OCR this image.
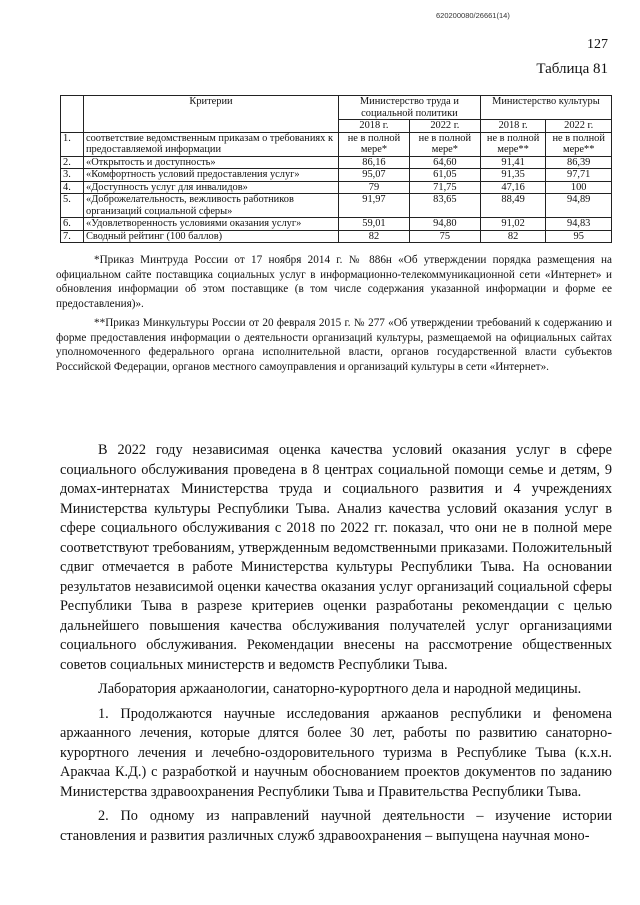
620200080/26661(14)
127
Таблица 81
	Критерии	Министерство труда и социальной политики		Министерство культуры	
		2018 г.	2022 г.	2018 г.	2022 г.
1.	соответствие ведомственным приказам о требованиях к предоставляемой информации	не в полной мере*	не в полной мере*	не в полной мере**	не в полной мере**
2.	«Открытость и доступность»	86,16	64,60	91,41	86,39
3.	«Комфортность условий предоставления услуг»	95,07	61,05	91,35	97,71
4.	«Доступность услуг для инвалидов»	79	71,75	47,16	100
5.	«Доброжелательность, вежливость работников организаций социальной сферы»	91,97	83,65	88,49	94,89
6.	«Удовлетворенность условиями оказания услуг»	59,01	94,80	91,02	94,83
7.	Сводный рейтинг (100 баллов)	82	75	82	95

*Приказ Минтруда России от 17 ноября 2014 г. № 886н «Об утверждении порядка размещения на официальном сайте поставщика социальных услуг в информационно-телекоммуникационной сети «Интернет» и обновления информации об этом поставщике (в том числе содержания указанной информации и форме ее предоставления)».

**Приказ Минкультуры России от 20 февраля 2015 г. № 277 «Об утверждении требований к содержанию и форме предоставления информации о деятельности организаций культуры, размещаемой на официальных сайтах уполномоченного федерального органа исполнительной власти, органов государственной власти субъектов Российской Федерации, органов местного самоуправления и организаций культуры в сети «Интернет».

В 2022 году независимая оценка качества условий оказания услуг в сфере социального обслуживания проведена в 8 центрах социальной помощи семье и детям, 9 домах-интернатах Министерства труда и социального развития и 4 учреждениях Министерства культуры Республики Тыва. Анализ качества условий оказания услуг в сфере социального обслуживания с 2018 по 2022 гг. показал, что они не в полной мере соответствуют требованиям, утвержденным ведомственными приказами. Положительный сдвиг отмечается в работе Министерства культуры Республики Тыва. На основании результатов независимой оценки качества оказания услуг организаций социальной сферы Республики Тыва в разрезе критериев оценки разработаны рекомендации с целью дальнейшего повышения качества обслуживания получателей услуг организациями социального обслуживания. Рекомендации внесены на рассмотрение общественных советов социальных министерств и ведомств Республики Тыва.

Лаборатория аржаанологии, санаторно-курортного дела и народной медицины.

1. Продолжаются научные исследования аржаанов республики и феномена аржаанного лечения, которые длятся более 30 лет, работы по развитию санаторно-курортного лечения и лечебно-оздоровительного туризма в Республике Тыва (к.х.н. Аракчаа К.Д.) с разработкой и научным обоснованием проектов документов по заданию Министерства здравоохранения Республики Тыва и Правительства Республики Тыва.

2. По одному из направлений научной деятельности – изучение истории становления и развития различных служб здравоохранения – выпущена научная моно-
